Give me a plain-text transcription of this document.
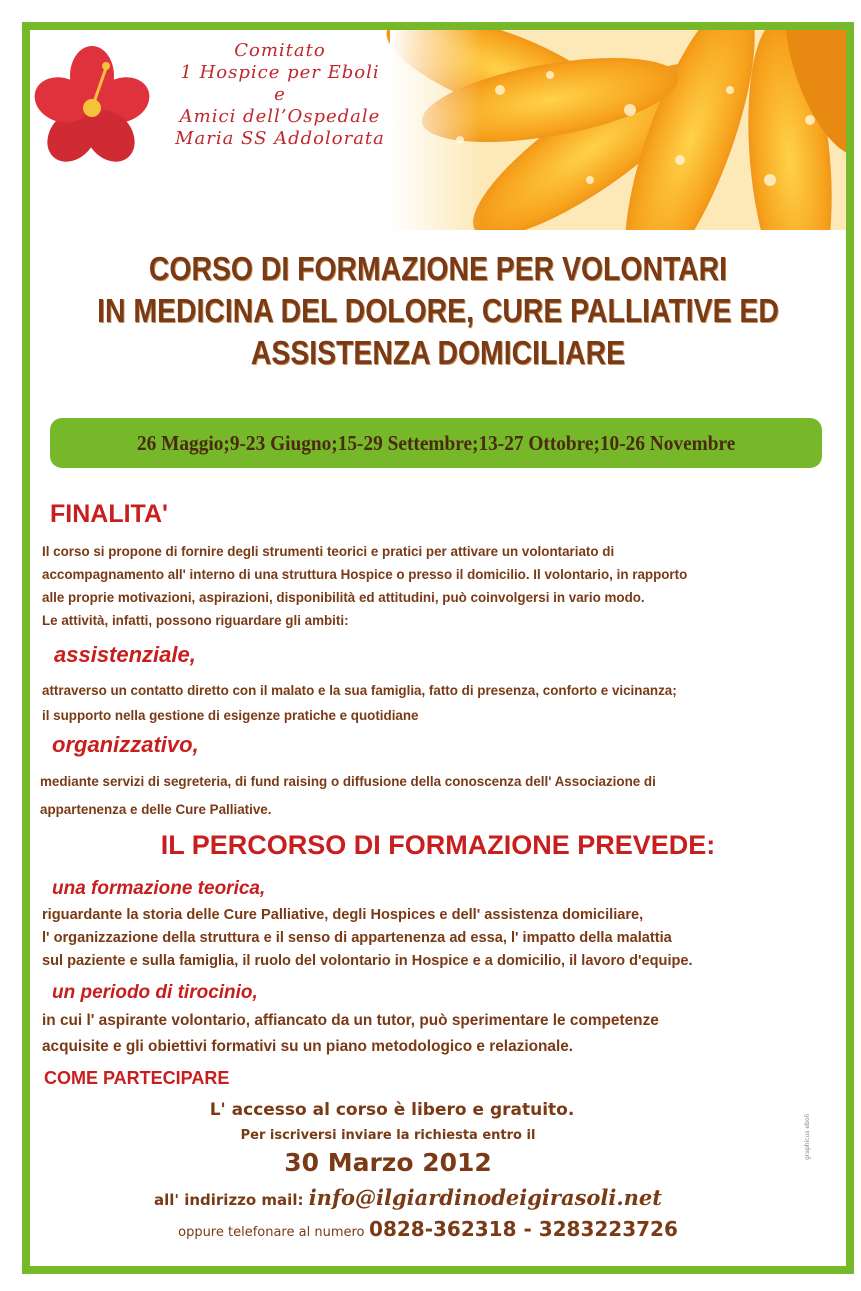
Comitato
1 Hospice per Eboli
e
Amici dell’Ospedale
Maria SS Addolorata
CORSO DI FORMAZIONE PER VOLONTARI
IN MEDICINA DEL DOLORE, CURE PALLIATIVE ED
ASSISTENZA DOMICILIARE
26 Maggio;9-23 Giugno;15-29 Settembre;13-27 Ottobre;10-26 Novembre
FINALITA'
Il corso si propone di fornire degli strumenti teorici e pratici per attivare un volontariato di
accompagnamento all' interno di una struttura Hospice o presso il domicilio. Il volontario, in rapporto
alle proprie motivazioni, aspirazioni, disponibilità ed attitudini, può coinvolgersi in vario modo.
Le attività, infatti, possono riguardare gli ambiti:
assistenziale,
attraverso un contatto diretto con il malato e la sua famiglia, fatto di presenza, conforto e vicinanza;
il supporto nella gestione di esigenze pratiche e quotidiane
organizzativo,
mediante servizi di segreteria, di fund raising o diffusione della conoscenza dell' Associazione di
appartenenza e delle Cure Palliative.
IL PERCORSO DI FORMAZIONE PREVEDE:
una formazione teorica,
riguardante la storia delle Cure Palliative, degli Hospices e dell' assistenza domiciliare,
l' organizzazione della struttura e il senso di appartenenza ad essa, l' impatto della malattia
sul paziente e sulla famiglia, il ruolo del volontario in Hospice e a domicilio, il lavoro d'equipe.
un periodo di tirocinio,
in cui l' aspirante volontario, affiancato da un tutor, può sperimentare le competenze
acquisite e gli obiettivi formativi su un piano metodologico e relazionale.
COME PARTECIPARE
L' accesso al corso è libero e gratuito.
Per iscriversi inviare la richiesta entro il
30 Marzo 2012
all' indirizzo mail: info@ilgiardinodeigirasoli.net
oppure telefonare al numero 0828-362318 - 3283223726
graphicus eboli
